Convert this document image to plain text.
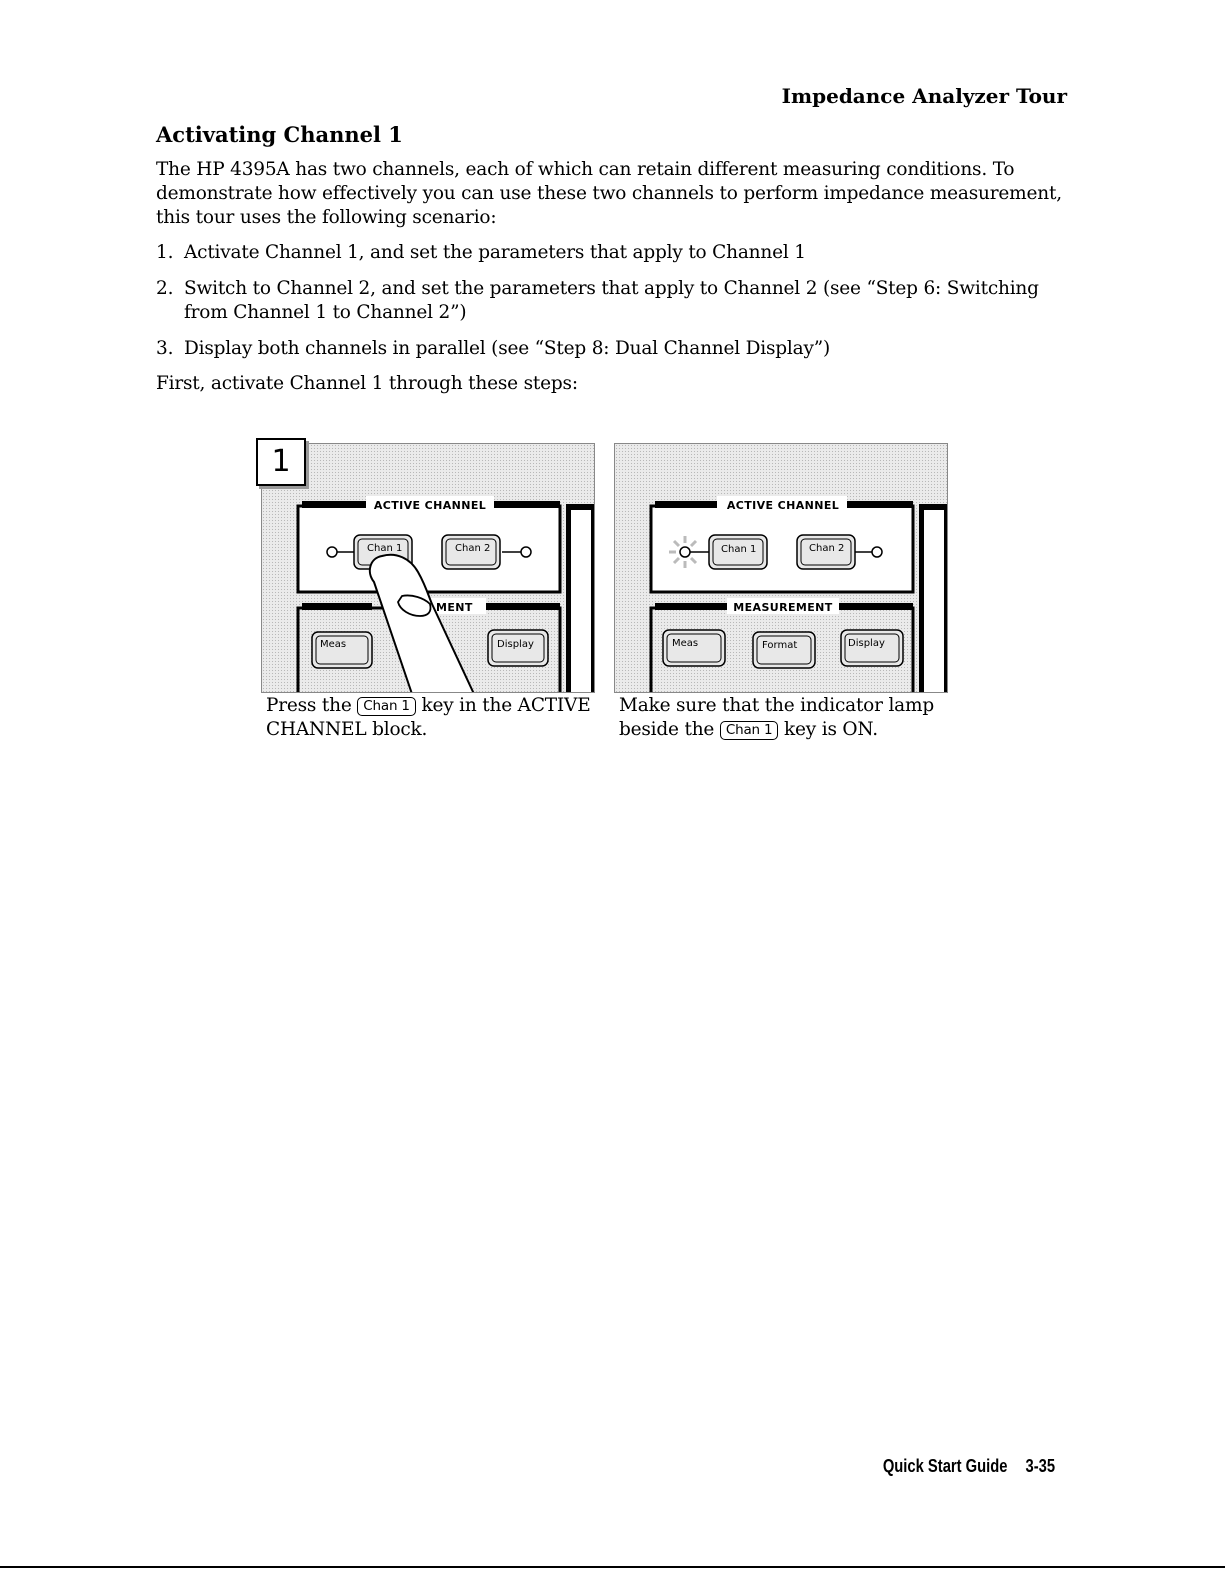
Impedance Analyzer Tour
Activating Channel 1

The HP 4395A has two channels, each of which can retain different measuring conditions. To demonstrate how effectively you can use these two channels to perform impedance measurement, this tour uses the following scenario:

1. Activate Channel 1, and set the parameters that apply to Channel 1
2. Switch to Channel 2, and set the parameters that apply to Channel 2 (see “Step 6: Switching from Channel 1 to Channel 2”)
3. Display both channels in parallel (see “Step 8: Dual Channel Display”)

First, activate Channel 1 through these steps:

1
ACTIVE CHANNEL
Chan 1	Chan 2
MENT
Meas	Display
ACTIVE CHANNEL
Chan 1	Chan 2
MEASUREMENT
Meas	Format	Display
Press the Chan 1 key in the ACTIVE CHANNEL block.
Make sure that the indicator lamp beside the Chan 1 key is ON.
Quick Start Guide 3-35
